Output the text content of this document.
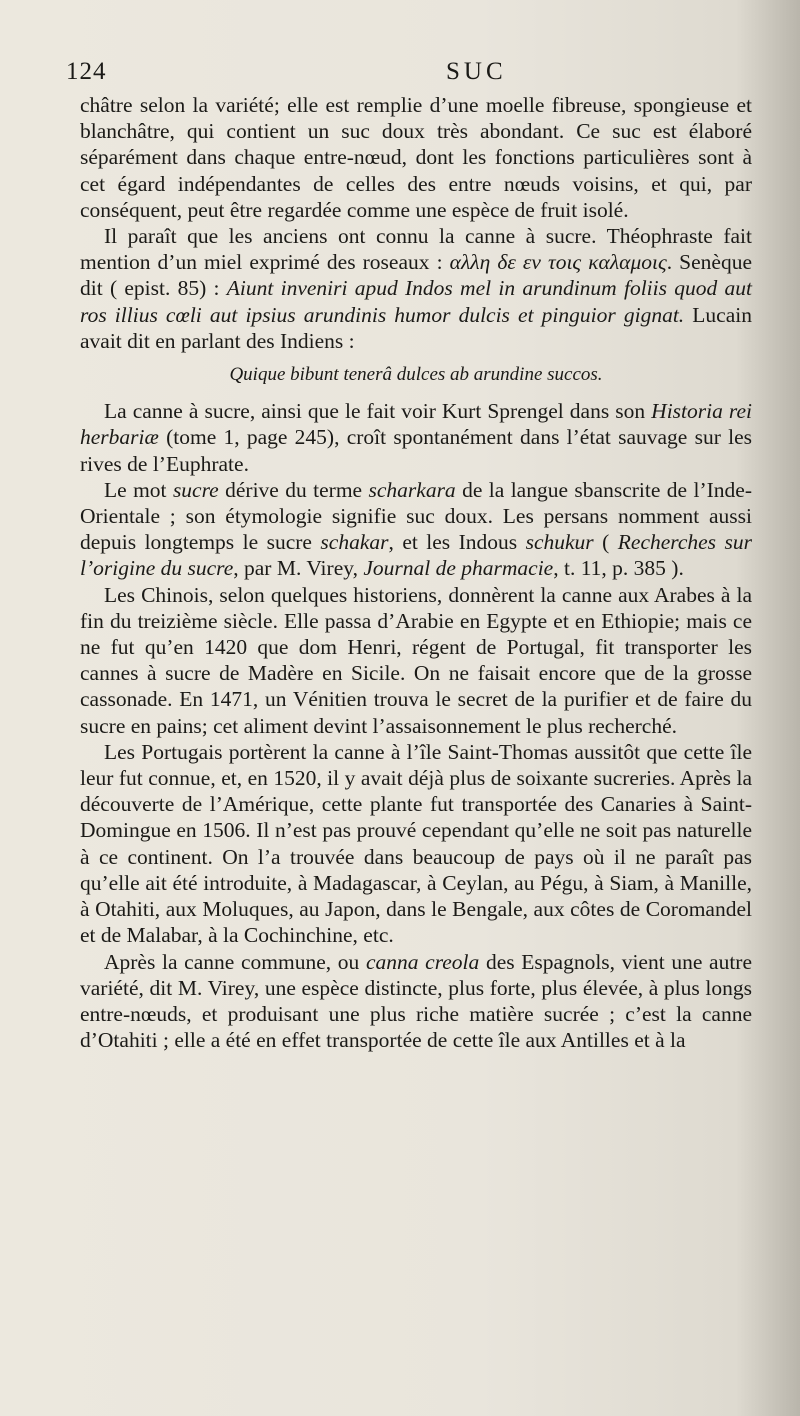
124	SUC

châtre selon la variété; elle est remplie d’une moelle fibreuse, spongieuse et blanchâtre, qui contient un suc doux très abondant. Ce suc est élaboré séparément dans chaque entre-nœud, dont les fonctions particulières sont à cet égard indépendantes de celles des entre nœuds voisins, et qui, par conséquent, peut être regardée comme une espèce de fruit isolé.

Il paraît que les anciens ont connu la canne à sucre. Théophraste fait mention d’un miel exprimé des roseaux : αλλη δε εν τοις καλαμοις. Senèque dit ( epist. 85) : Aiunt inveniri apud Indos mel in arundinum foliis quod aut ros illius cœli aut ipsius arundinis humor dulcis et pinguior gignat. Lucain avait dit en parlant des Indiens :

Quique bibunt tenerâ dulces ab arundine succos.

La canne à sucre, ainsi que le fait voir Kurt Sprengel dans son Historia rei herbariæ (tome 1, page 245), croît spontanément dans l’état sauvage sur les rives de l’Euphrate.

Le mot sucre dérive du terme scharkara de la langue sbanscrite de l’Inde-Orientale ; son étymologie signifie suc doux. Les persans nomment aussi depuis longtemps le sucre schakar, et les Indous schukur ( Recherches sur l’origine du sucre, par M. Virey, Journal de pharmacie, t. 11, p. 385 ).

Les Chinois, selon quelques historiens, donnèrent la canne aux Arabes à la fin du treizième siècle. Elle passa d’Arabie en Egypte et en Ethiopie; mais ce ne fut qu’en 1420 que dom Henri, régent de Portugal, fit transporter les cannes à sucre de Madère en Sicile. On ne faisait encore que de la grosse cassonade. En 1471, un Vénitien trouva le secret de la purifier et de faire du sucre en pains; cet aliment devint l’assaisonnement le plus recherché.

Les Portugais portèrent la canne à l’île Saint-Thomas aussitôt que cette île leur fut connue, et, en 1520, il y avait déjà plus de soixante sucreries. Après la découverte de l’Amérique, cette plante fut transportée des Canaries à Saint-Domingue en 1506. Il n’est pas prouvé cependant qu’elle ne soit pas naturelle à ce continent. On l’a trouvée dans beaucoup de pays où il ne paraît pas qu’elle ait été introduite, à Madagascar, à Ceylan, au Pégu, à Siam, à Manille, à Otahiti, aux Moluques, au Japon, dans le Bengale, aux côtes de Coromandel et de Malabar, à la Cochinchine, etc.

Après la canne commune, ou canna creola des Espagnols, vient une autre variété, dit M. Virey, une espèce distincte, plus forte, plus élevée, à plus longs entre-nœuds, et produisant une plus riche matière sucrée ; c’est la canne d’Otahiti ; elle a été en effet transportée de cette île aux Antilles et à la
